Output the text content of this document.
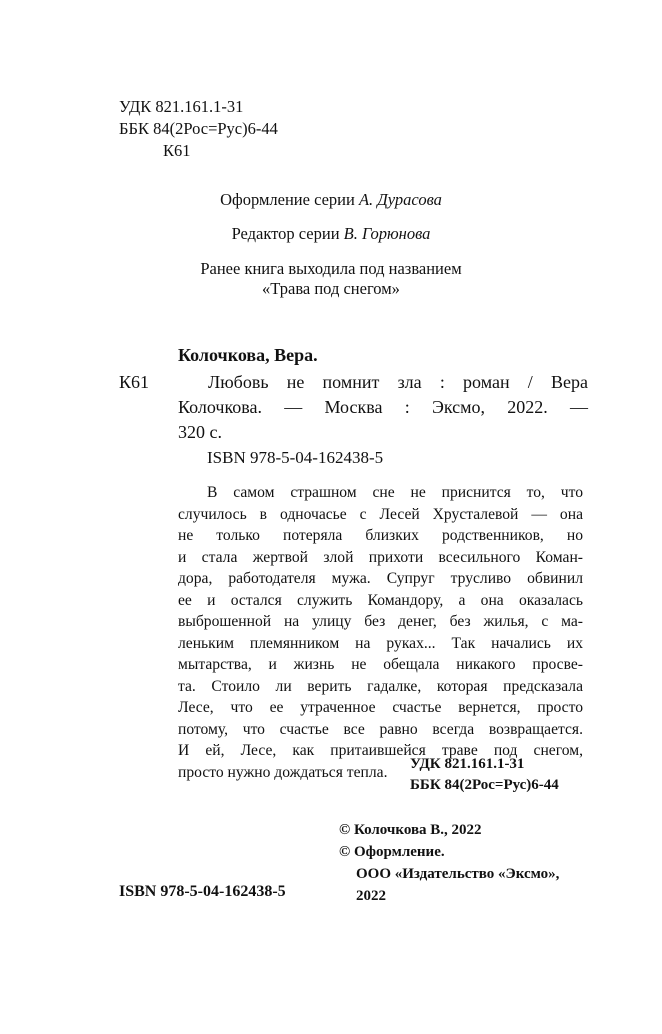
УДК 821.161.1-31
ББК 84(2Рос=Рус)6-44
К61
Оформление серии А. Дурасова
Редактор серии В. Горюнова
Ранее книга выходила под названием
«Трава под снегом»
Колочкова, Вера.
К61	Любовь не помнит зла : роман / Вера
Колочкова. — Москва : Эксмо, 2022. —
320 с.
ISBN 978-5-04-162438-5
В самом страшном сне не приснится то, что
случилось в одночасье с Лесей Хрусталевой — она
не только потеряла близких родственников, но
и стала жертвой злой прихоти всесильного Коман-
дора, работодателя мужа. Супруг трусливо обвинил
ее и остался служить Командору, а она оказалась
выброшенной на улицу без денег, без жилья, с ма-
леньким племянником на руках... Так начались их
мытарства, и жизнь не обещала никакого просве-
та. Стоило ли верить гадалке, которая предсказала
Лесе, что ее утраченное счастье вернется, просто
потому, что счастье все равно всегда возвращается.
И ей, Лесе, как притаившейся траве под снегом,
просто нужно дождаться тепла.	УДК 821.161.1-31
ББК 84(2Рос=Рус)6-44
© Колочкова В., 2022
© Оформление.
ООО «Издательство «Эксмо»,
2022
ISBN 978-5-04-162438-5
